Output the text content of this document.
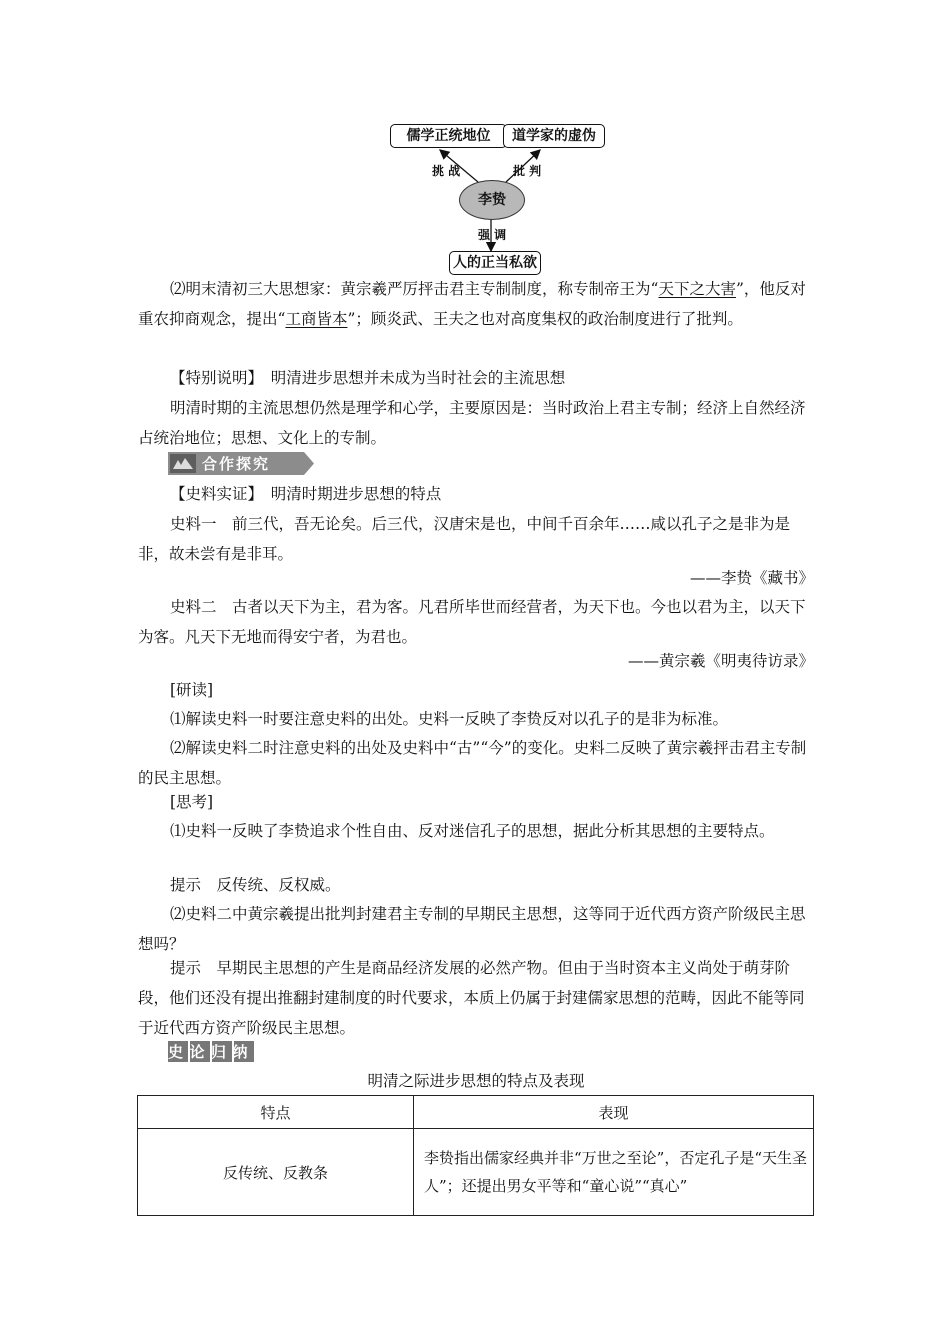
儒学正统地位	道学家的虚伪
李贽
人的正当私欲
挑 战	批 判
强 调

⑵明末清初三大思想家：黄宗羲严厉抨击君主专制制度，称专制帝王为“天下之大害”，他反对重农抑商观念，提出“工商皆本”；顾炎武、王夫之也对高度集权的政治制度进行了批判。

【特别说明】　明清进步思想并未成为当时社会的主流思想

明清时期的主流思想仍然是理学和心学，主要原因是：当时政治上君主专制；经济上自然经济占统治地位；思想、文化上的专制。

合作探究

【史料实证】　明清时期进步思想的特点

史料一　前三代，吾无论矣。后三代，汉唐宋是也，中间千百余年……咸以孔子之是非为是非，故未尝有是非耳。

——李贽《藏书》

史料二　古者以天下为主，君为客。凡君所毕世而经营者，为天下也。今也以君为主，以天下为客。凡天下无地而得安宁者，为君也。

——黄宗羲《明夷待访录》

[研读]

⑴解读史料一时要注意史料的出处。史料一反映了李贽反对以孔子的是非为标准。

⑵解读史料二时注意史料的出处及史料中“古”“今”的变化。史料二反映了黄宗羲抨击君主专制的民主思想。

[思考]

⑴史料一反映了李贽追求个性自由、反对迷信孔子的思想，据此分析其思想的主要特点。

提示　反传统、反权威。

⑵史料二中黄宗羲提出批判封建君主专制的早期民主思想，这等同于近代西方资产阶级民主思想吗？

提示　早期民主思想的产生是商品经济发展的必然产物。但由于当时资本主义尚处于萌芽阶段，他们还没有提出推翻封建制度的时代要求，本质上仍属于封建儒家思想的范畴，因此不能等同于近代西方资产阶级民主思想。

史论归纳

明清之际进步思想的特点及表现

特点	表现
反传统、反教条	李贽指出儒家经典并非“万世之至论”，否定孔子是“天生圣人”；还提出男女平等和“童心说”“真心”
